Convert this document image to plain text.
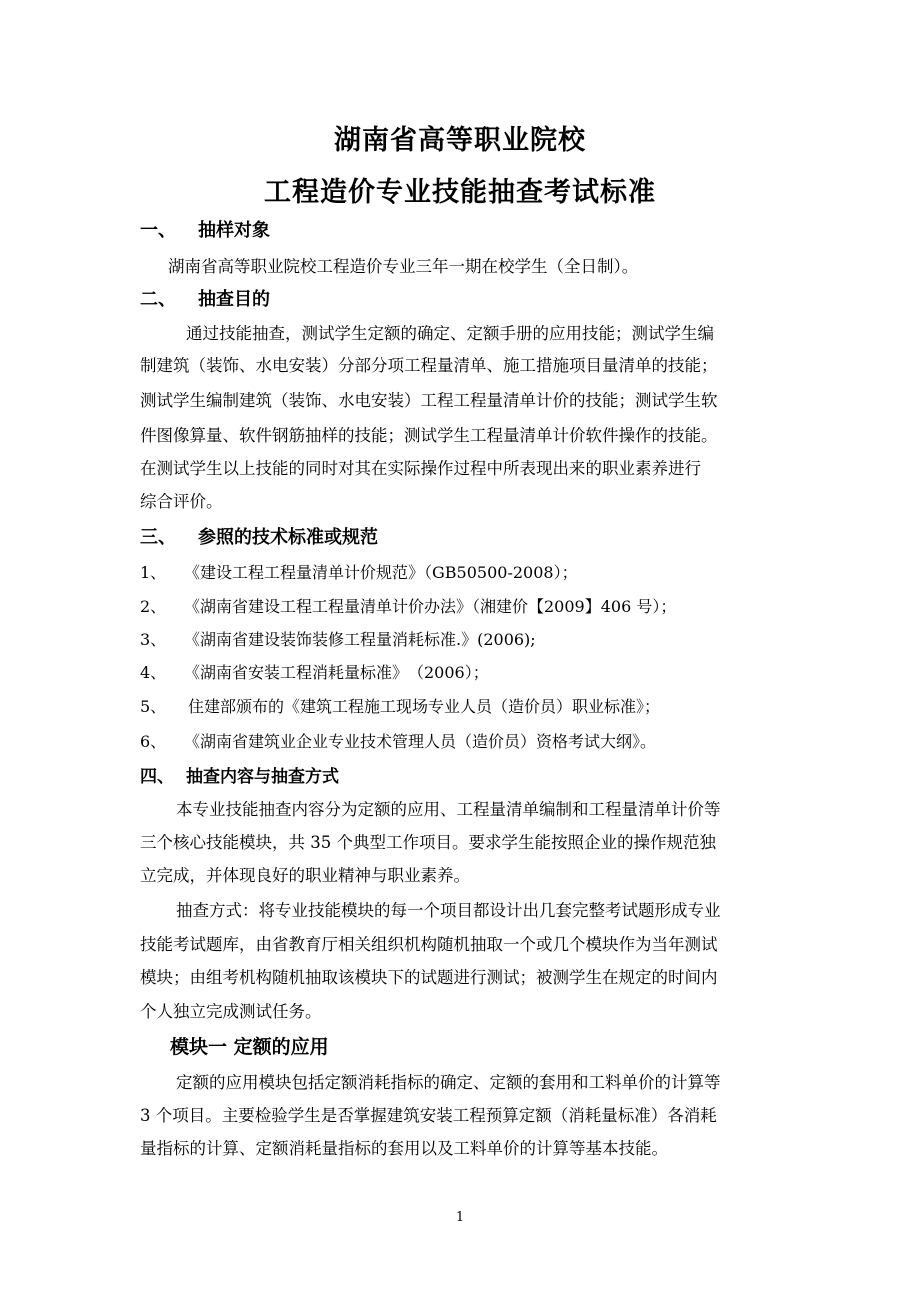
湖南省高等职业院校
工程造价专业技能抽查考试标准
一、 抽样对象
湖南省高等职业院校工程造价专业三年一期在校学生（全日制）。
二、 抽查目的
通过技能抽查，测试学生定额的确定、定额手册的应用技能；测试学生编
制建筑（装饰、水电安装）分部分项工程量清单、施工措施项目量清单的技能；
测试学生编制建筑（装饰、水电安装）工程工程量清单计价的技能；测试学生软
件图像算量、软件钢筋抽样的技能；测试学生工程量清单计价软件操作的技能。
在测试学生以上技能的同时对其在实际操作过程中所表现出来的职业素养进行
综合评价。
三、 参照的技术标准或规范
1、 《建设工程工程量清单计价规范》（GB50500-2008）；
2、 《湖南省建设工程工程量清单计价办法》（湘建价【2009】406 号）；
3、 《湖南省建设装饰装修工程量消耗标准.》(2006);
4、 《湖南省安装工程消耗量标准》　（2006）；
5、 住建部颁布的《建筑工程施工现场专业人员（造价员）职业标准》；
6、 《湖南省建筑业企业专业技术管理人员（造价员）资格考试大纲》。
四、 抽查内容与抽查方式
本专业技能抽查内容分为定额的应用、工程量清单编制和工程量清单计价等
三个核心技能模块，共 35 个典型工作项目。要求学生能按照企业的操作规范独
立完成，并体现良好的职业精神与职业素养。
抽查方式：将专业技能模块的每一个项目都设计出几套完整考试题形成专业
技能考试题库，由省教育厅相关组织机构随机抽取一个或几个模块作为当年测试
模块；由组考机构随机抽取该模块下的试题进行测试；被测学生在规定的时间内
个人独立完成测试任务。
模块一 定额的应用
定额的应用模块包括定额消耗指标的确定、定额的套用和工料单价的计算等
3 个项目。主要检验学生是否掌握建筑安装工程预算定额（消耗量标准）各消耗
量指标的计算、定额消耗量指标的套用以及工料单价的计算等基本技能。
1
